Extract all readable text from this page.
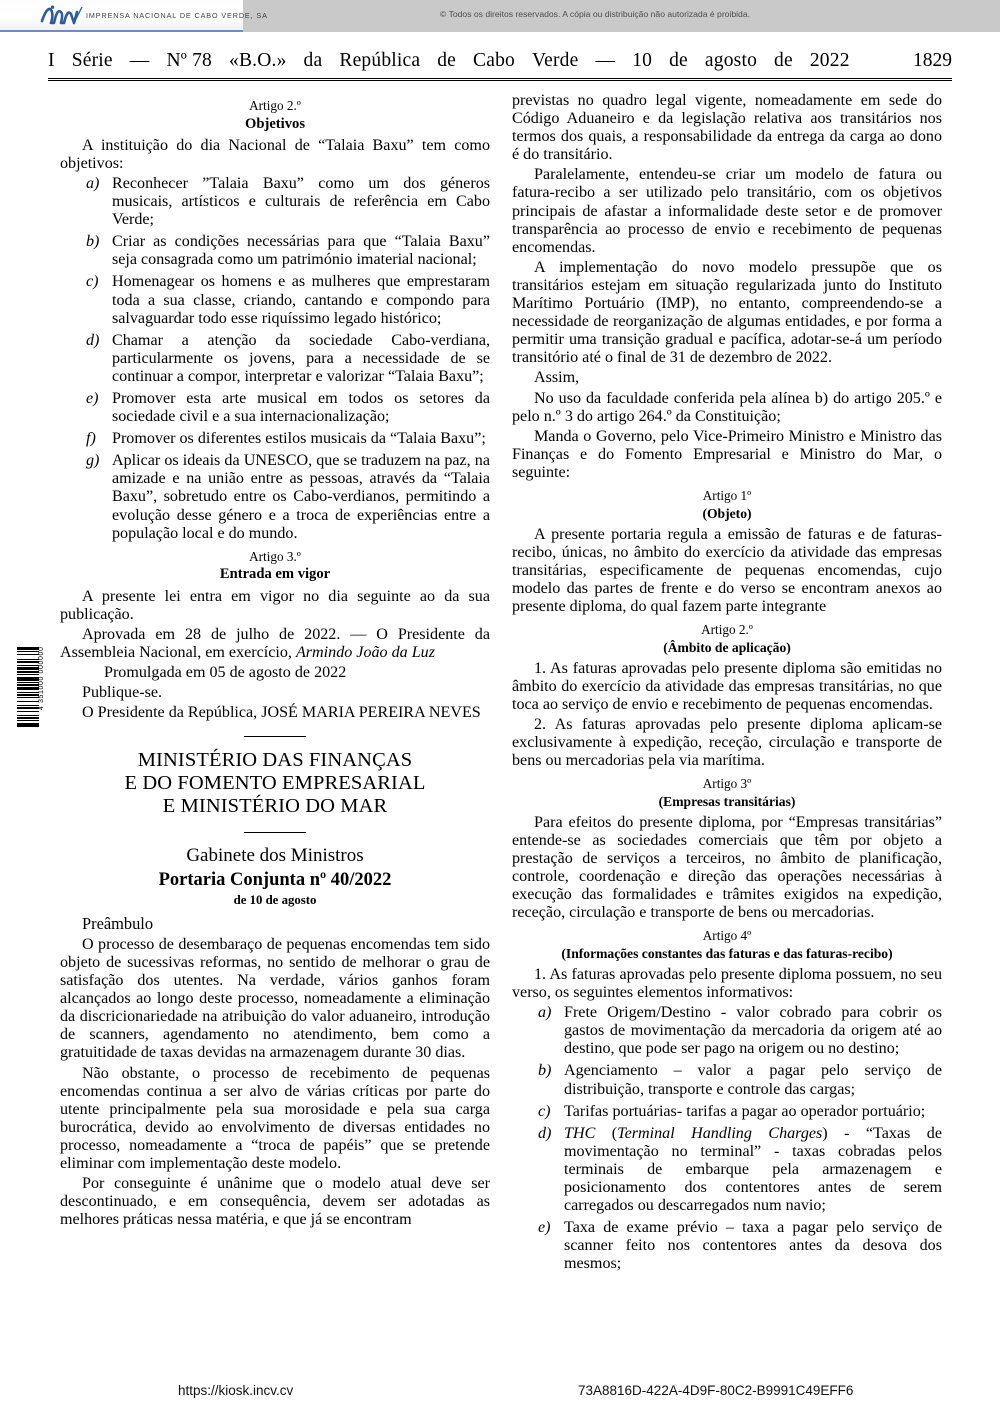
IMPRENSA NACIONAL DE CABO VERDE, SA	© Todos os direitos reservados. A cópia ou distribuição não autorizada é proibida.
I Série — Nº 78 «B.O.» da República de Cabo Verde — 10 de agosto de 2022	1829
4 351000 000000
Artigo 2.º
Objetivos

A instituição do dia Nacional de “Talaia Baxu” tem como objetivos:

a) Reconhecer ”Talaia Baxu” como um dos géneros musicais, artísticos e culturais de referência em Cabo Verde;
b) Criar as condições necessárias para que “Talaia Baxu” seja consagrada como um património imaterial nacional;
c) Homenagear os homens e as mulheres que emprestaram toda a sua classe, criando, cantando e compondo para salvaguardar todo esse riquíssimo legado histórico;
d) Chamar a atenção da sociedade Cabo-verdiana, particularmente os jovens, para a necessidade de se continuar a compor, interpretar e valorizar “Talaia Baxu”;
e) Promover esta arte musical em todos os setores da sociedade civil e a sua internacionalização;
f)	Promover os diferentes estilos musicais da “Talaia Baxu”;
g) Aplicar os ideais da UNESCO, que se traduzem na paz, na amizade e na união entre as pessoas, através da “Talaia Baxu”, sobretudo entre os Cabo-verdianos, permitindo a evolução desse género e a troca de experiências entre a população local e do mundo.
Artigo 3.º
Entrada em vigor

A presente lei entra em vigor no dia seguinte ao da sua publicação.

Aprovada em 28 de julho de 2022. — O Presidente da Assembleia Nacional, em exercício, Armindo João da Luz

Promulgada em 05 de agosto de 2022

Publique-se.

O Presidente da República, JOSÉ MARIA PEREIRA NEVES

MINISTÉRIO DAS FINANÇAS
E DO FOMENTO EMPRESARIAL
E MINISTÉRIO DO MAR
Gabinete dos Ministros
Portaria Conjunta nº 40/2022
de 10 de agosto
Preâmbulo

O processo de desembaraço de pequenas encomendas tem sido objeto de sucessivas reformas, no sentido de melhorar o grau de satisfação dos utentes. Na verdade, vários ganhos foram alcançados ao longo deste processo, nomeadamente a eliminação da discricionariedade na atribuição do valor aduaneiro, introdução de scanners, agendamento no atendimento, bem como a gratuitidade de taxas devidas na armazenagem durante 30 dias.

Não obstante, o processo de recebimento de pequenas encomendas continua a ser alvo de várias críticas por parte do utente principalmente pela sua morosidade e pela sua carga burocrática, devido ao envolvimento de diversas entidades no processo, nomeadamente a “troca de papéis” que se pretende eliminar com implementação deste modelo.

Por conseguinte é unânime que o modelo atual deve ser descontinuado, e em consequência, devem ser adotadas as melhores práticas nessa matéria, e que já se encontram

previstas no quadro legal vigente, nomeadamente em sede do Código Aduaneiro e da legislação relativa aos transitários nos termos dos quais, a responsabilidade da entrega da carga ao dono é do transitário.

Paralelamente, entendeu-se criar um modelo de fatura ou fatura-recibo a ser utilizado pelo transitário, com os objetivos principais de afastar a informalidade deste setor e de promover transparência ao processo de envio e recebimento de pequenas encomendas.

A implementação do novo modelo pressupõe que os transitários estejam em situação regularizada junto do Instituto Marítimo Portuário (IMP), no entanto, compreendendo-se a necessidade de reorganização de algumas entidades, e por forma a permitir uma transição gradual e pacífica, adotar-se-á um período transitório até o final de 31 de dezembro de 2022.

Assim,

No uso da faculdade conferida pela alínea b) do artigo 205.º e pelo n.º 3 do artigo 264.º da Constituição;

Manda o Governo, pelo Vice-Primeiro Ministro e Ministro das Finanças e do Fomento Empresarial e Ministro do Mar, o seguinte:

Artigo 1º
(Objeto)

A presente portaria regula a emissão de faturas e de faturas-recibo, únicas, no âmbito do exercício da atividade das empresas transitárias, especificamente de pequenas encomendas, cujo modelo das partes de frente e do verso se encontram anexos ao presente diploma, do qual fazem parte integrante

Artigo 2.º
(Âmbito de aplicação)

1. As faturas aprovadas pelo presente diploma são emitidas no âmbito do exercício da atividade das empresas transitárias, no que toca ao serviço de envio e recebimento de pequenas encomendas.

2. As faturas aprovadas pelo presente diploma aplicam-se exclusivamente à expedição, receção, circulação e transporte de bens ou mercadorias pela via marítima.

Artigo 3º
(Empresas transitárias)

Para efeitos do presente diploma, por “Empresas transitárias” entende-se as sociedades comerciais que têm por objeto a prestação de serviços a terceiros, no âmbito de planificação, controle, coordenação e direção das operações necessárias à execução das formalidades e trâmites exigidos na expedição, receção, circulação e transporte de bens ou mercadorias.

Artigo 4º
(Informações constantes das faturas e das faturas-recibo)

1. As faturas aprovadas pelo presente diploma possuem, no seu verso, os seguintes elementos informativos:

a) Frete Origem/Destino - valor cobrado para cobrir os gastos de movimentação da mercadoria da origem até ao destino, que pode ser pago na origem ou no destino;
b) Agenciamento – valor a pagar pelo serviço de distribuição, transporte e controle das cargas;
c) Tarifas portuárias- tarifas a pagar ao operador portuário;
d) THC (Terminal Handling Charges) - “Taxas de movimentação no terminal” - taxas cobradas pelos terminais de embarque pela armazenagem e posicionamento dos contentores antes de serem carregados ou descarregados num navio;
e) Taxa de exame prévio – taxa a pagar pelo serviço de scanner feito nos contentores antes da desova dos mesmos;
https://kiosk.incv.cv	73A8816D-422A-4D9F-80C2-B9991C49EFF6
